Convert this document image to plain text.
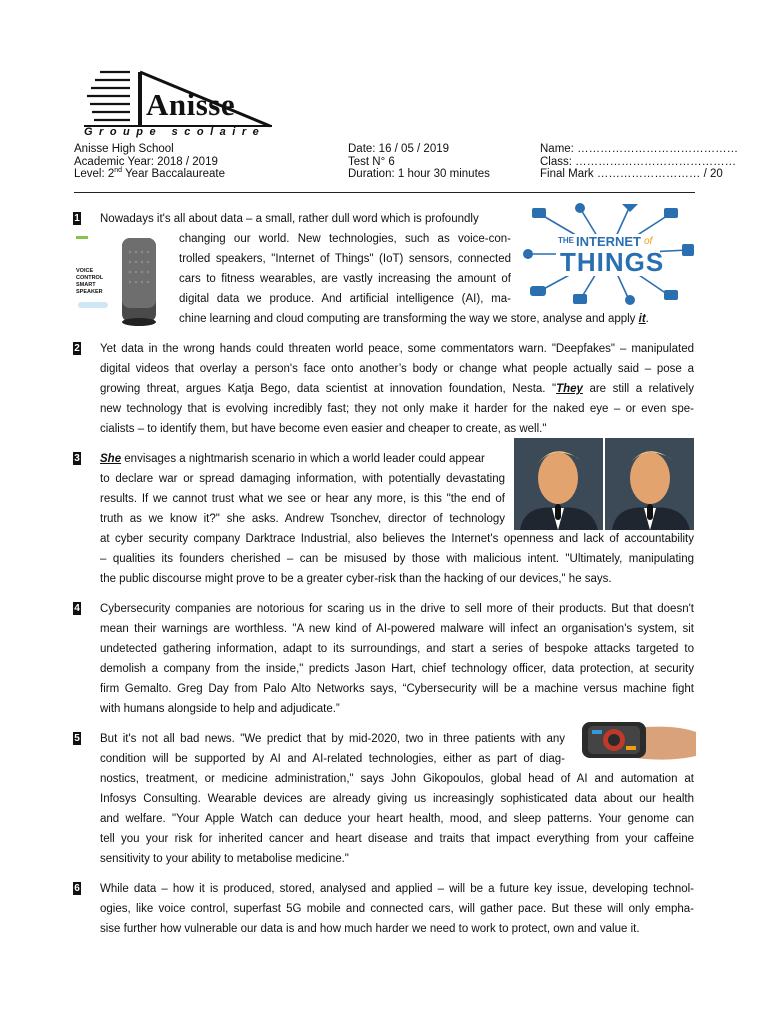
Anisse
Groupe scolaire
Anisse High School
Academic Year: 2018 / 2019
Level: 2nd Year Baccalaureate
Date: 16 / 05 / 2019
Test N° 6
Duration: 1 hour 30 minutes
Name: ……………………………………
Class: ……………………………………
Final Mark ……………………… / 20
1
VOICE CONTROL SMART SPEAKER
THE INTERNET of
THINGS
Nowadays it's all about data – a small, rather dull word which is profoundly
changing our world. New technologies, such as voice-con-
trolled speakers, "Internet of Things" (IoT) sensors, connected
cars to fitness wearables, are vastly increasing the amount of
digital data we produce. And artificial intelligence (AI), ma-
chine learning and cloud computing are transforming the way we store, analyse and apply it.
2 Yet data in the wrong hands could threaten world peace, some commentators warn. "Deepfakes" – manipulated
digital videos that overlay a person's face onto another’s body or change what people actually said – pose a
growing threat, argues Katja Bego, data scientist at innovation foundation, Nesta. "They are still a relatively
new technology that is evolving incredibly fast; they not only make it harder for the naked eye – or even spe-
cialists – to identify them, but have become even easier and cheaper to create, as well."
3 She envisages a nightmarish scenario in which a world leader could appear
to declare war or spread damaging information, with potentially devastating
results. If we cannot trust what we see or hear any more, is this "the end of
truth as we know it?" she asks. Andrew Tsonchev, director of technology
at cyber security company Darktrace Industrial, also believes the Internet's openness and lack of accountability
– qualities its founders cherished – can be misused by those with malicious intent. "Ultimately, manipulating
the public discourse might prove to be a greater cyber-risk than the hacking of our devices," he says.
4 Cybersecurity companies are notorious for scaring us in the drive to sell more of their products. But that doesn't
mean their warnings are worthless. "A new kind of AI-powered malware will infect an organisation's system, sit
undetected gathering information, adapt to its surroundings, and start a series of bespoke attacks targeted to
demolish a company from the inside," predicts Jason Hart, chief technology officer, data protection, at security
firm Gemalto. Greg Day from Palo Alto Networks says, “Cybersecurity will be a machine versus machine fight
with humans alongside to help and adjudicate.”
5 But it's not all bad news. "We predict that by mid-2020, two in three patients with any
condition will be supported by AI and AI-related technologies, either as part of diag-
nostics, treatment, or medicine administration," says John Gikopoulos, global head of AI and automation at
Infosys Consulting. Wearable devices are already giving us increasingly sophisticated data about our health
and welfare. "Your Apple Watch can deduce your heart health, mood, and sleep patterns. Your genome can
tell you your risk for inherited cancer and heart disease and traits that impact everything from your caffeine
sensitivity to your ability to metabolise medicine."
6 While data – how it is produced, stored, analysed and applied – will be a future key issue, developing technol-
ogies, like voice control, superfast 5G mobile and connected cars, will gather pace. But these will only empha-
sise further how vulnerable our data is and how much harder we need to work to protect, own and value it.
